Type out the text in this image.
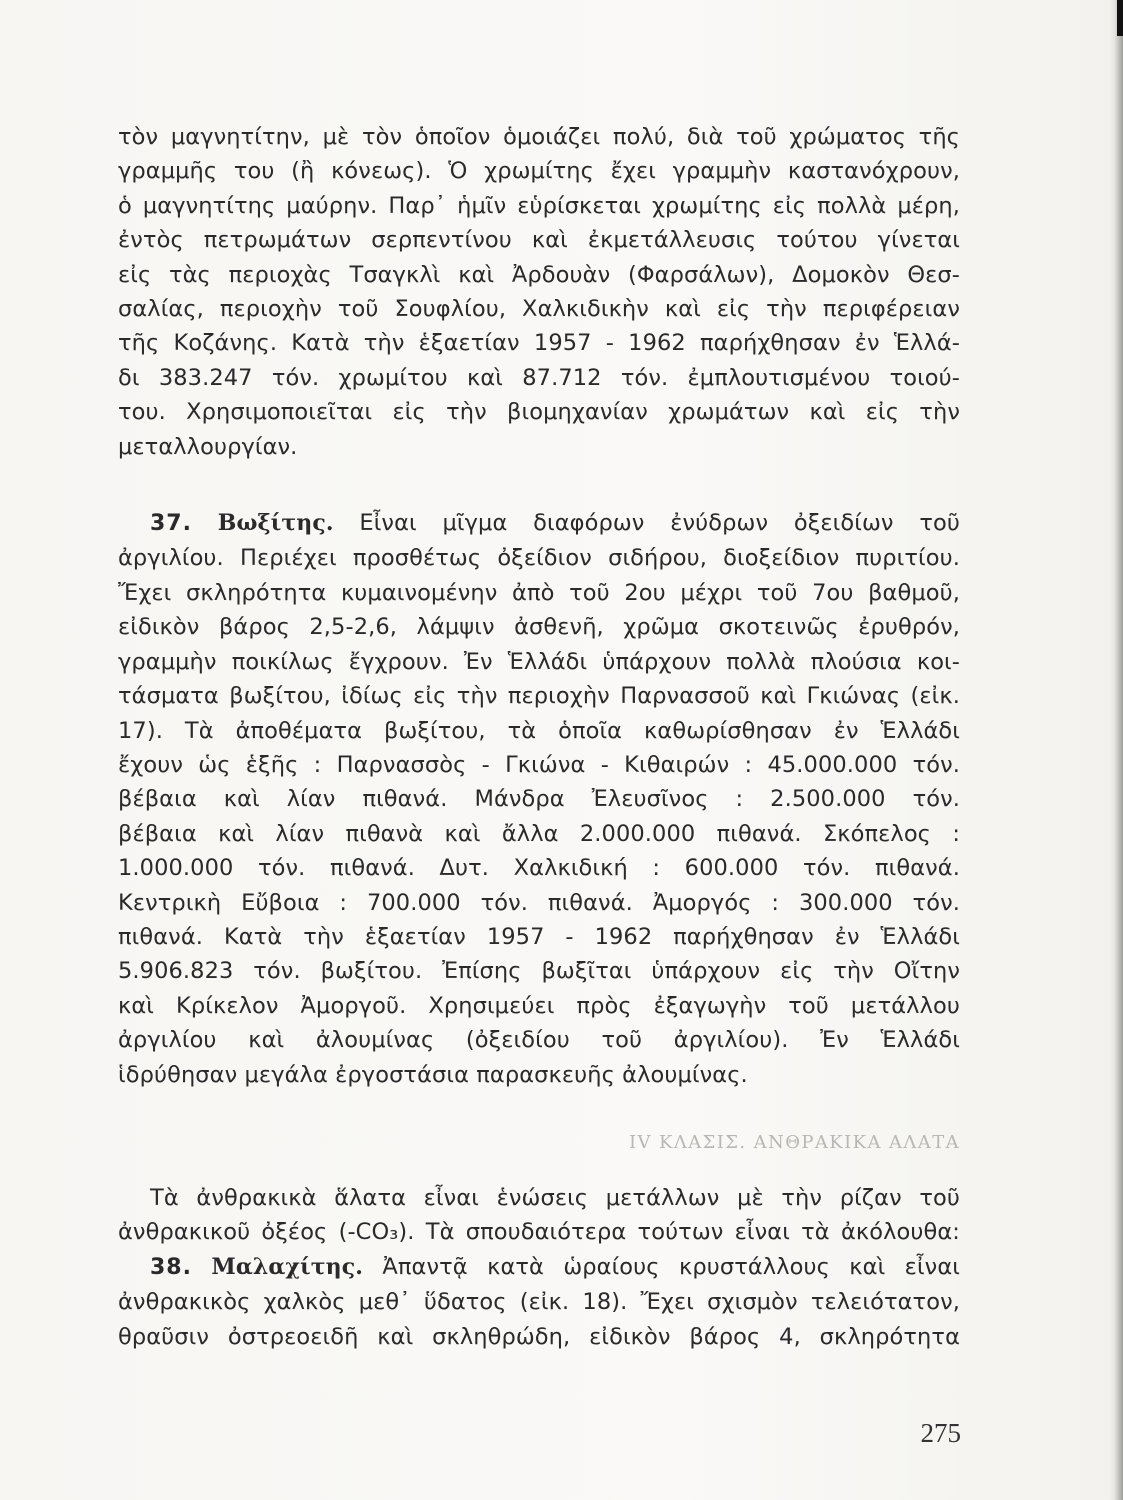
τὸν μαγνητίτην, μὲ τὸν ὁποῖον ὁμοιάζει πολύ, διὰ τοῦ χρώματος τῆς
γραμμῆς του (ἢ κόνεως). Ὁ χρωμίτης ἔχει γραμμὴν καστανόχρουν,
ὁ μαγνητίτης μαύρην. Παρ᾽ ἡμῖν εὑρίσκεται χρωμίτης εἰς πολλὰ μέρη,
ἐντὸς πετρωμάτων σερπεντίνου καὶ ἐκμετάλλευσις τούτου γίνεται
εἰς τὰς περιοχὰς Τσαγκλὶ καὶ Ἀρδουὰν (Φαρσάλων), Δομοκὸν Θεσ-
σαλίας, περιοχὴν τοῦ Σουφλίου, Χαλκιδικὴν καὶ εἰς τὴν περιφέρειαν
τῆς Κοζάνης. Κατὰ τὴν ἑξαετίαν 1957 - 1962 παρήχθησαν ἐν Ἑλλά-
δι 383.247 τόν. χρωμίτου καὶ 87.712 τόν. ἐμπλουτισμένου τοιού-
του. Χρησιμοποιεῖται εἰς τὴν βιομηχανίαν χρωμάτων καὶ εἰς τὴν
μεταλλουργίαν.
37. Βωξίτης. Εἶναι μῖγμα διαφόρων ἐνύδρων ὀξειδίων τοῦ
ἀργιλίου. Περιέχει προσθέτως ὀξείδιον σιδήρου, διοξείδιον πυριτίου.
Ἔχει σκληρότητα κυμαινομένην ἀπὸ τοῦ 2ου μέχρι τοῦ 7ου βαθμοῦ,
εἰδικὸν βάρος 2,5-2,6, λάμψιν ἀσθενῆ, χρῶμα σκοτεινῶς ἐρυθρόν,
γραμμὴν ποικίλως ἔγχρουν. Ἐν Ἑλλάδι ὑπάρχουν πολλὰ πλούσια κοι-
τάσματα βωξίτου, ἰδίως εἰς τὴν περιοχὴν Παρνασσοῦ καὶ Γκιώνας (εἰκ.
17). Τὰ ἀποθέματα βωξίτου, τὰ ὁποῖα καθωρίσθησαν ἐν Ἑλλάδι
ἔχουν ὡς ἑξῆς : Παρνασσὸς - Γκιώνα - Κιθαιρών : 45.000.000 τόν.
βέβαια καὶ λίαν πιθανά. Μάνδρα Ἐλευσῖνος : 2.500.000 τόν.
βέβαια καὶ λίαν πιθανὰ καὶ ἄλλα 2.000.000 πιθανά. Σκόπελος :
1.000.000 τόν. πιθανά. Δυτ. Χαλκιδική : 600.000 τόν. πιθανά.
Κεντρικὴ Εὔβοια : 700.000 τόν. πιθανά. Ἀμοργός : 300.000 τόν.
πιθανά. Κατὰ τὴν ἑξαετίαν 1957 - 1962 παρήχθησαν ἐν Ἑλλάδι
5.906.823 τόν. βωξίτου. Ἐπίσης βωξῖται ὑπάρχουν εἰς τὴν Οἴτην
καὶ Κρίκελον Ἀμοργοῦ. Χρησιμεύει πρὸς ἐξαγωγὴν τοῦ μετάλλου
ἀργιλίου καὶ ἀλουμίνας (ὀξειδίου τοῦ ἀργιλίου). Ἐν Ἑλλάδι
ἱδρύθησαν μεγάλα ἐργοστάσια παρασκευῆς ἀλουμίνας.
IV ΚΛΑΣΙΣ. ΑΝΘΡΑΚΙΚΑ ΑΛΑΤΑ
Τὰ ἀνθρακικὰ ἅλατα εἶναι ἑνώσεις μετάλλων μὲ τὴν ρίζαν τοῦ
ἀνθρακικοῦ ὀξέος (-CO₃). Τὰ σπουδαιότερα τούτων εἶναι τὰ ἀκόλουθα:
38. Μαλαχίτης. Ἀπαντᾷ κατὰ ὡραίους κρυστάλλους καὶ εἶναι
ἀνθρακικὸς χαλκὸς μεθ᾽ ὕδατος (εἰκ. 18). Ἔχει σχισμὸν τελειότατον,
θραῦσιν ὀστρεοειδῆ καὶ σκληθρώδη, εἰδικὸν βάρος 4, σκληρότητα
275
